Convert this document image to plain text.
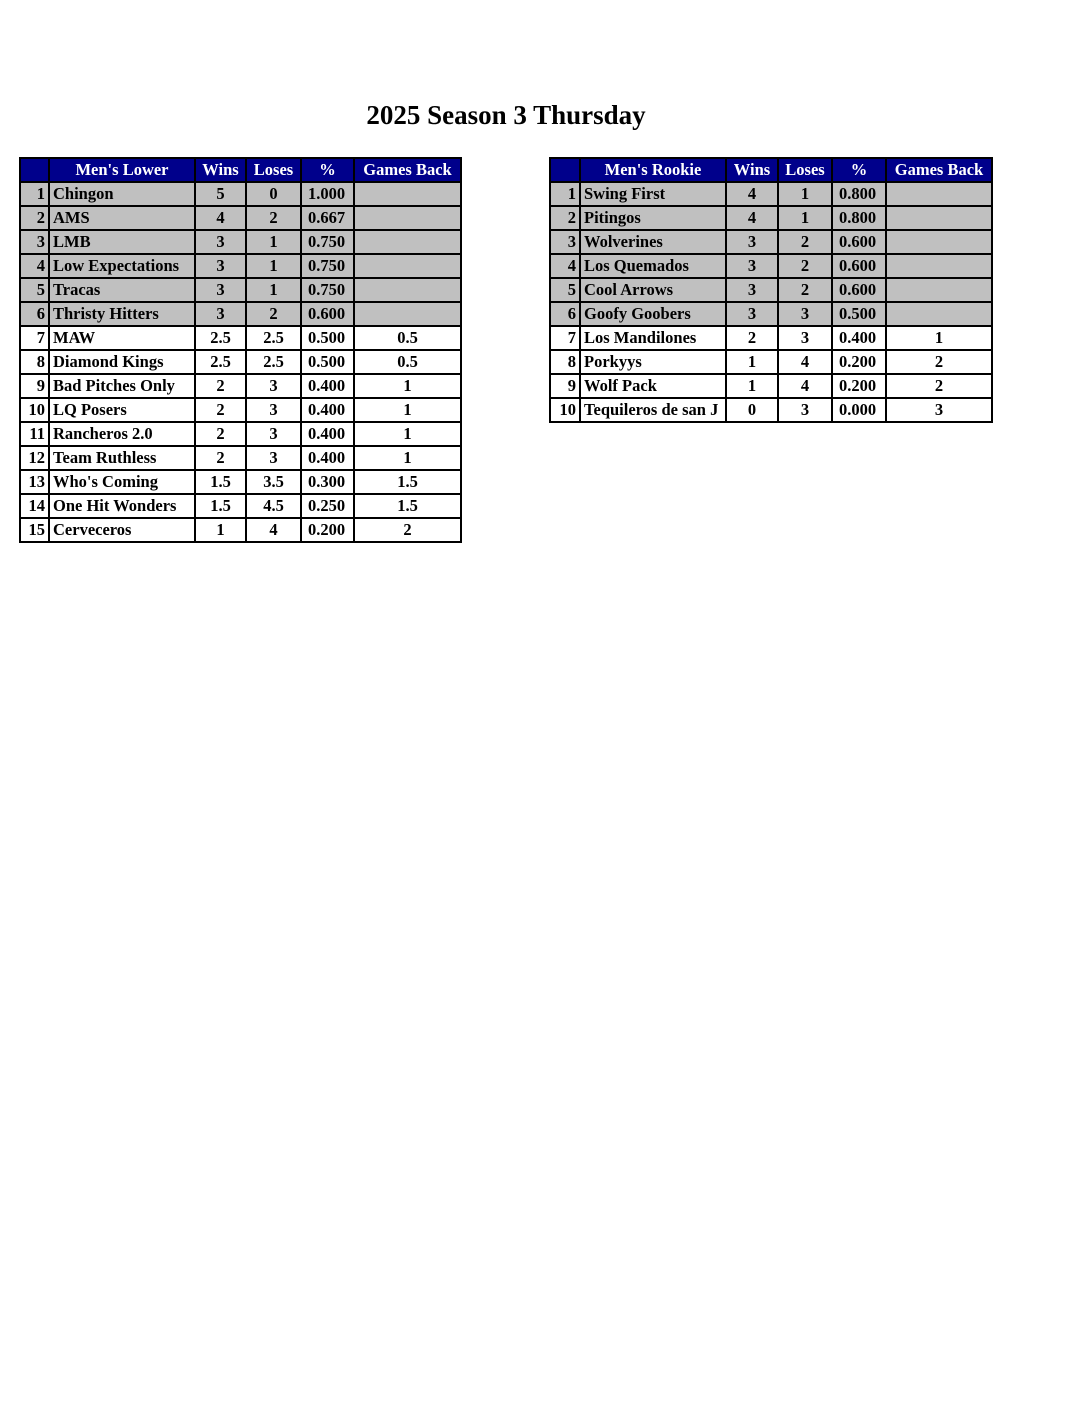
2025 Season 3 Thursday
	Men's Lower	Wins	Loses	%	Games Back
1	Chingon	5	0	1.000	
2	AMS	4	2	0.667	
3	LMB	3	1	0.750	
4	Low Expectations	3	1	0.750	
5	Tracas	3	1	0.750	
6	Thristy Hitters	3	2	0.600	
7	MAW	2.5	2.5	0.500	0.5
8	Diamond Kings	2.5	2.5	0.500	0.5
9	Bad Pitches Only	2	3	0.400	1
10	LQ Posers	2	3	0.400	1
11	Rancheros 2.0	2	3	0.400	1
12	Team Ruthless	2	3	0.400	1
13	Who's Coming	1.5	3.5	0.300	1.5
14	One Hit Wonders	1.5	4.5	0.250	1.5
15	Cerveceros	1	4	0.200	2
	Men's Rookie	Wins	Loses	%	Games Back
1	Swing First	4	1	0.800	
2	Pitingos	4	1	0.800	
3	Wolverines	3	2	0.600	
4	Los Quemados	3	2	0.600	
5	Cool Arrows	3	2	0.600	
6	Goofy Goobers	3	3	0.500	
7	Los Mandilones	2	3	0.400	1
8	Porkyys	1	4	0.200	2
9	Wolf Pack	1	4	0.200	2
10	Tequileros de san J	0	3	0.000	3
